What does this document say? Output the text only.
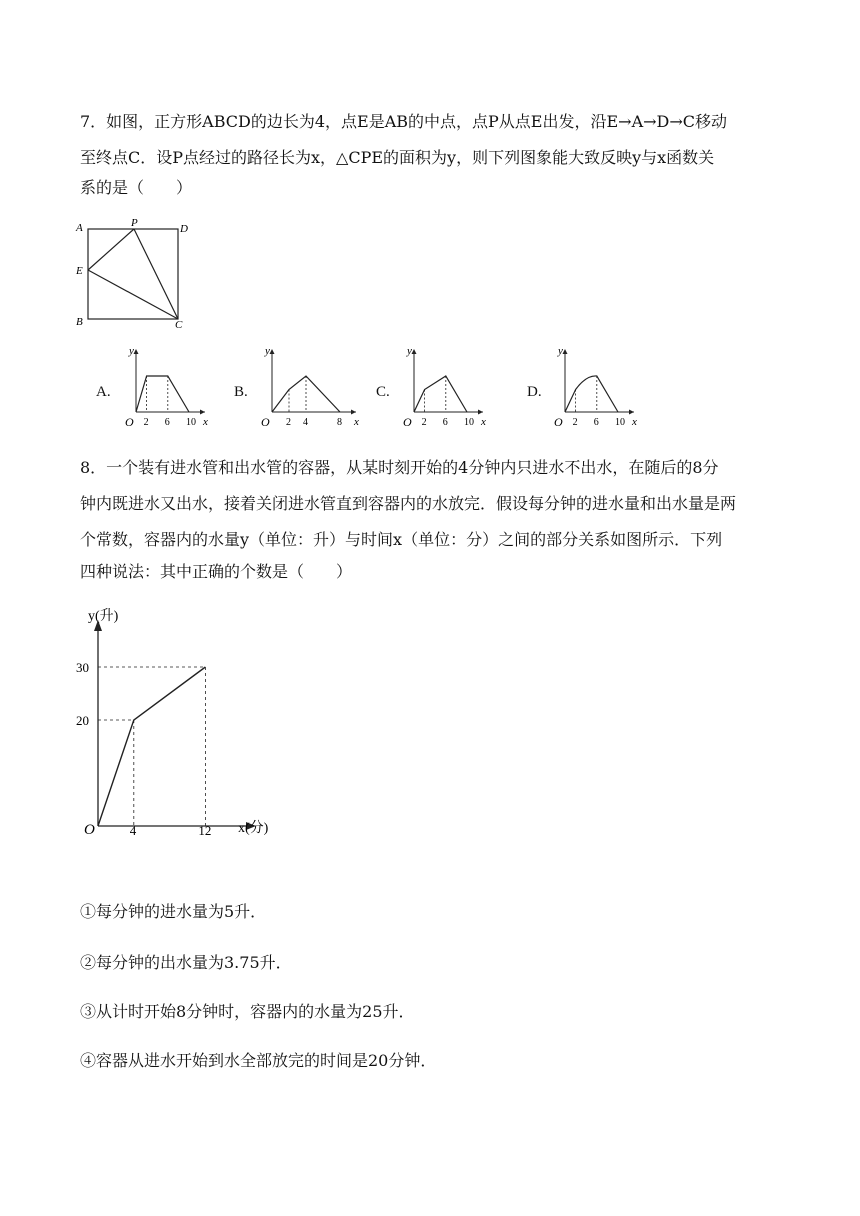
7．如图，正方形ABCD的边长为4，点E是AB的中点，点P从点E出发，沿E→A→D→C移动
至终点C．设P点经过的路径长为x，△CPE的面积为y，则下列图象能大致反映y与x函数关
系的是（　　）
A	P	D
E
B	C
A.	B.	C.	D.
y
x
O 2 6 10
y
x
O 2 4	8
y
x
O 2 6 10
y
x
O 2 6 10
8．一个装有进水管和出水管的容器，从某时刻开始的4分钟内只进水不出水，在随后的8分
钟内既进水又出水，接着关闭进水管直到容器内的水放完．假设每分钟的进水量和出水量是两
个常数，容器内的水量y（单位：升）与时间x（单位：分）之间的部分关系如图所示．下列
四种说法：其中正确的个数是（　　）
y(升)
x(分)
O	4	12
20
30
①每分钟的进水量为5升．
②每分钟的出水量为3.75升．
③从计时开始8分钟时，容器内的水量为25升．
④容器从进水开始到水全部放完的时间是20分钟．
